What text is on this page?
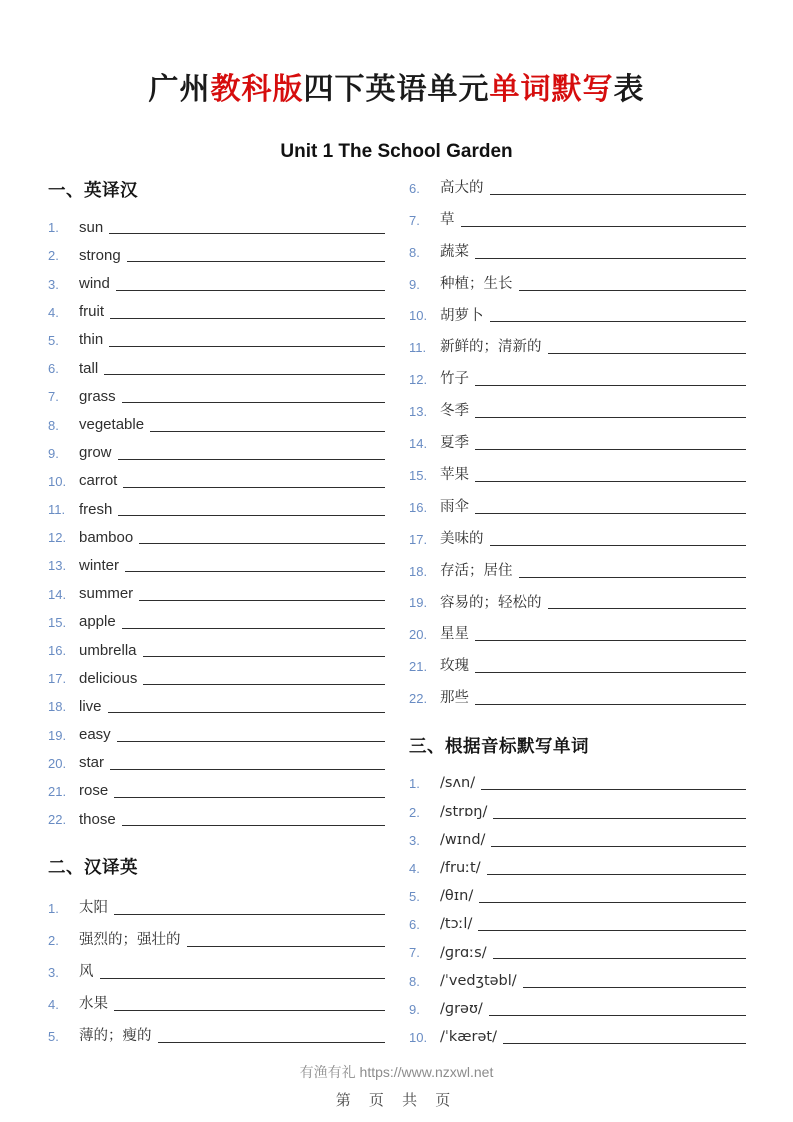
广州教科版四下英语单元单词默写表
Unit 1 The School Garden
一、英译汉
1.	sun
2.	strong
3.	wind
4.	fruit
5.	thin
6.	tall
7.	grass
8.	vegetable
9.	grow
10. carrot
11. fresh
12. bamboo
13. winter
14. summer
15. apple
16. umbrella
17. delicious
18. live
19. easy
20. star
21. rose
22. those
二、汉译英
1.	太阳
2.	强烈的；强壮的
3.	风
4.	水果
5.	薄的；瘦的
6.	高大的
7.	草
8.	蔬菜
9.	种植；生长
10. 胡萝卜
11. 新鲜的；清新的
12. 竹子
13. 冬季
14. 夏季
15. 苹果
16. 雨伞
17. 美味的
18. 存活；居住
19. 容易的；轻松的
20. 星星
21. 玫瑰
22. 那些
三、根据音标默写单词
1.	/sʌn/
2.	/strɒŋ/
3.	/wɪnd/
4.	/fruːt/
5.	/θɪn/
6.	/tɔːl/
7.	/ɡrɑːs/
8.	/ˈvedʒtəbl/
9.	/ɡrəʊ/
10. /ˈkærət/
有渔有礼 https://www.nzxwl.net
第 页 共 页
